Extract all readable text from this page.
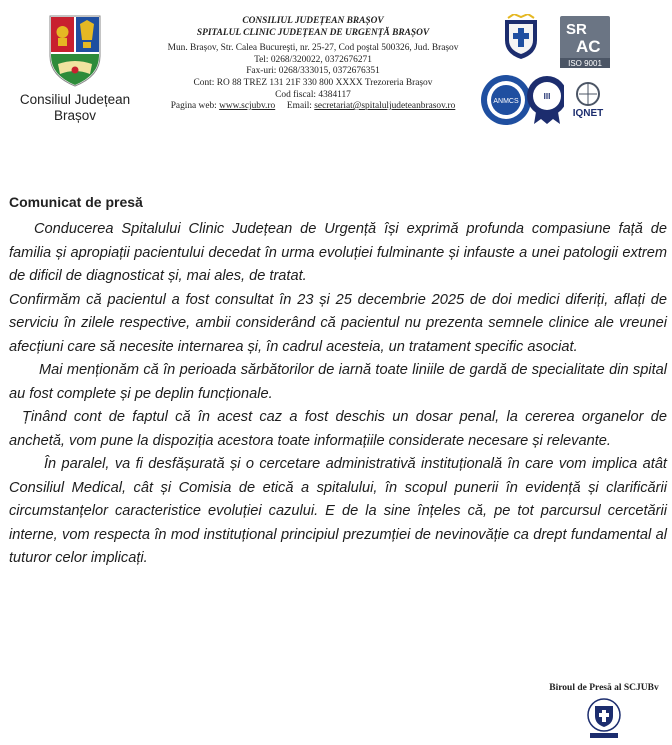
Consiliul Județean
Brașov
CONSILIUL JUDEȚEAN BRAȘOV
SPITALUL CLINIC JUDEȚEAN DE URGENȚĂ BRAȘOV
Mun. Brașov, Str. Calea Bucureşti, nr. 25-27, Cod poştal 500326, Jud. Brașov
Tel: 0268/320022, 0372676271
Fax-uri: 0268/333015, 0372676351
Cont: RO 88 TREZ 131 21F 330 800 XXXX Trezoreria Brașov
Cod fiscal: 4384117
Pagina web: www.scjubv.ro Email: secretariat@spitaluljudeteanbrasov.ro
SR
AC
ISO 9001
ANMCS
III
IQNET
Comunicat de presă

Conducerea Spitalului Clinic Județean de Urgență își exprimă profunda compasiune față de familia și apropiații pacientului decedat în urma evoluției fulminante și infauste a unei patologii extrem de dificil de diagnosticat și, mai ales, de tratat.

Confirmăm că pacientul a fost consultat în 23 și 25 decembrie 2025 de doi medici diferiți, aflați de serviciu în zilele respective, ambii considerând că pacientul nu prezenta semnele clinice ale vreunei afecțiuni care să necesite internarea și, în cadrul acesteia, un tratament specific asociat.

Mai menționăm că în perioada sărbătorilor de iarnă toate liniile de gardă de specialitate din spital au fost complete și pe deplin funcționale.

Ținând cont de faptul că în acest caz a fost deschis un dosar penal, la cererea organelor de anchetă, vom pune la dispoziția acestora toate informațiile considerate necesare și relevante.

În paralel, va fi desfășurată și o cercetare administrativă instituțională în care vom implica atât Consiliul Medical, cât și Comisia de etică a spitalului, în scopul punerii în evidență și clarificării circumstanțelor caracteristice evoluției cazului. E de la sine înțeles că, pe tot parcursul cercetării interne, vom respecta în mod instituțional principiul prezumției de nevinovăție ca drept fundamental al tuturor celor implicați.

Biroul de Presă al SCJUBv
